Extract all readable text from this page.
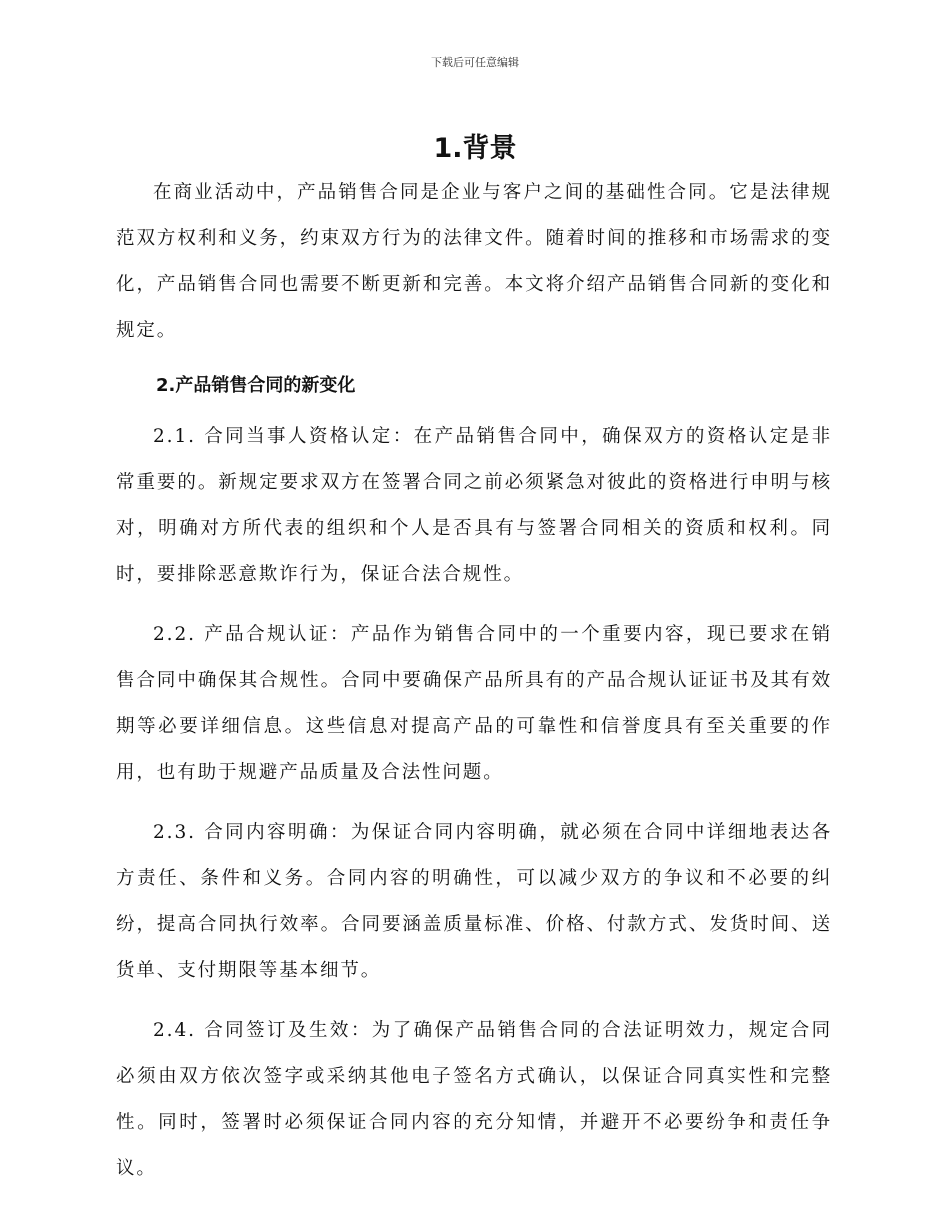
下载后可任意编辑
1.背景

在商业活动中，产品销售合同是企业与客户之间的基础性合同。它是法律规范双方权利和义务，约束双方行为的法律文件。随着时间的推移和市场需求的变化，产品销售合同也需要不断更新和完善。本文将介绍产品销售合同新的变化和规定。

2.产品销售合同的新变化

2.1. 合同当事人资格认定：在产品销售合同中，确保双方的资格认定是非常重要的。新规定要求双方在签署合同之前必须紧急对彼此的资格进行申明与核对，明确对方所代表的组织和个人是否具有与签署合同相关的资质和权利。同时，要排除恶意欺诈行为，保证合法合规性。

2.2. 产品合规认证：产品作为销售合同中的一个重要内容，现已要求在销售合同中确保其合规性。合同中要确保产品所具有的产品合规认证证书及其有效期等必要详细信息。这些信息对提高产品的可靠性和信誉度具有至关重要的作用，也有助于规避产品质量及合法性问题。

2.3. 合同内容明确：为保证合同内容明确，就必须在合同中详细地表达各方责任、条件和义务。合同内容的明确性，可以减少双方的争议和不必要的纠纷，提高合同执行效率。合同要涵盖质量标准、价格、付款方式、发货时间、送货单、支付期限等基本细节。

2.4. 合同签订及生效：为了确保产品销售合同的合法证明效力，规定合同必须由双方依次签字或采纳其他电子签名方式确认，以保证合同真实性和完整性。同时，签署时必须保证合同内容的充分知情，并避开不必要纷争和责任争议。
